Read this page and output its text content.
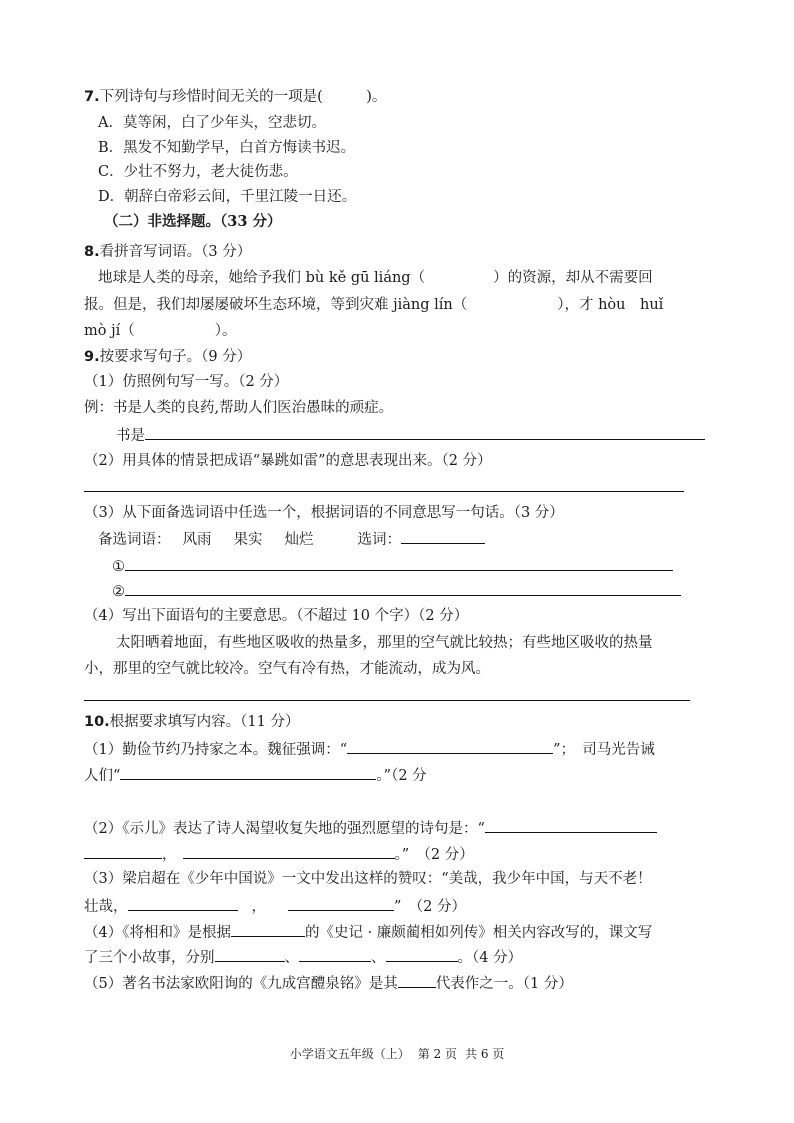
7.下列诗句与珍惜时间无关的一项是(　　　)。
A．莫等闲，白了少年头，空悲切。
B．黑发不知勤学早，白首方悔读书迟。
C．少壮不努力，老大徒伤悲。
D．朝辞白帝彩云间，千里江陵一日还。
（二）非选择题。（33 分）
8.看拼音写词语。（3 分）
地球是人类的母亲，她给予我们 bù kě gū liáng（	）的资源，却从不需要回
报。但是，我们却屡屡破坏生态环境，等到灾难 jiàng lín（	），才 hòu　huǐ
mò jí（	）。
9.按要求写句子。（9 分）
（1）仿照例句写一写。（2 分）
例：书是人类的良药,帮助人们医治愚昧的顽症。
书是
（2）用具体的情景把成语“暴跳如雷”的意思表现出来。（2 分）
（3）从下面备选词语中任选一个，根据词语的不同意思写一句话。（3 分）
备选词语： 风雨 果实 灿烂	选词：
①
②
（4）写出下面语句的主要意思。（不超过 10 个字）（2 分）
太阳晒着地面，有些地区吸收的热量多，那里的空气就比较热；有些地区吸收的热量
小，那里的空气就比较冷。空气有冷有热，才能流动，成为风。
10.根据要求填写内容。（11 分）
（1）勤俭节约乃持家之本。魏征强调：“	”；　司马光告诫
人们“	。”（2 分
（2）《示儿》表达了诗人渴望收复失地的强烈愿望的诗句是：“
，	。”　（2 分）
（3）梁启超在《少年中国说》一文中发出这样的赞叹：“美哉，我少年中国，与天不老！
壮哉，	，	”　（2 分）
（4）《将相和》是根据	的《史记 · 廉颇蔺相如列传》相关内容改写的，课文写
了三个小故事，分别	、	、	。（4 分）
（5）著名书法家欧阳询的《九成宫醴泉铭》是其	代表作之一。（1 分）
小学语文五年级（上） 第 2 页 共 6 页
